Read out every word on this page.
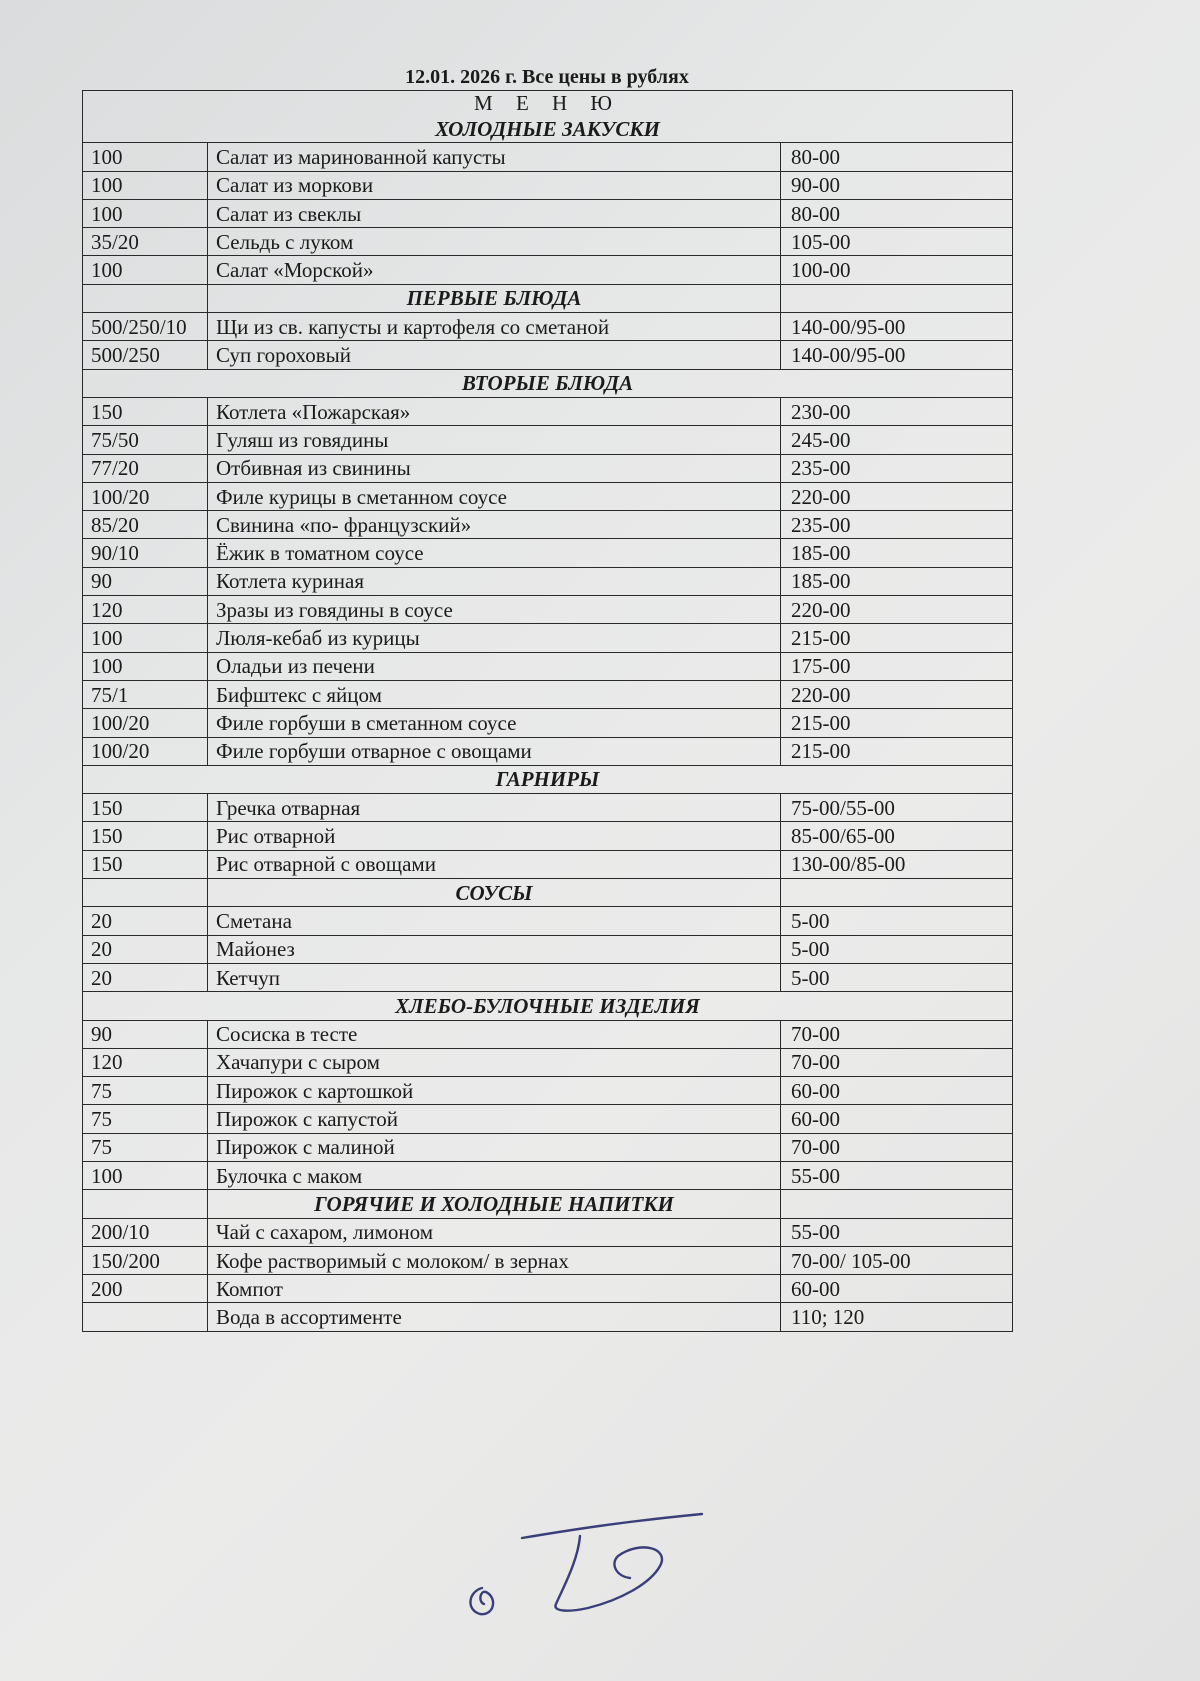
12.01. 2026 г. Все цены в рублях
М Е Н Ю		
ХОЛОДНЫЕ ЗАКУСКИ		
100	Салат из маринованной капусты	80-00
100	Салат из моркови	90-00
100	Салат из свеклы	80-00
35/20	Сельдь с луком	105-00
100	Салат «Морской»	100-00
	ПЕРВЫЕ БЛЮДА	
500/250/10	Щи из св. капусты и картофеля со сметаной	140-00/95-00
500/250	Суп гороховый	140-00/95-00
ВТОРЫЕ БЛЮДА		
150	Котлета «Пожарская»	230-00
75/50	Гуляш из говядины	245-00
77/20	Отбивная из свинины	235-00
100/20	Филе курицы в сметанном соусе	220-00
85/20	Свинина «по- французский»	235-00
90/10	Ёжик в томатном соусе	185-00
90	Котлета куриная	185-00
120	Зразы из говядины в соусе	220-00
100	Люля-кебаб из курицы	215-00
100	Оладьи из печени	175-00
75/1	Бифштекс с яйцом	220-00
100/20	Филе горбуши в сметанном соусе	215-00
100/20	Филе горбуши отварное с овощами	215-00
ГАРНИРЫ		
150	Гречка отварная	75-00/55-00
150	Рис отварной	85-00/65-00
150	Рис отварной с овощами	130-00/85-00
	СОУСЫ	
20	Сметана	5-00
20	Майонез	5-00
20	Кетчуп	5-00
ХЛЕБО-БУЛОЧНЫЕ ИЗДЕЛИЯ		
90	Сосиска в тесте	70-00
120	Хачапури с сыром	70-00
75	Пирожок с картошкой	60-00
75	Пирожок с капустой	60-00
75	Пирожок с малиной	70-00
100	Булочка с маком	55-00
	ГОРЯЧИЕ И ХОЛОДНЫЕ НАПИТКИ	
200/10	Чай с сахаром, лимоном	55-00
150/200	Кофе растворимый с молоком/ в зернах	70-00/ 105-00
200	Компот	60-00
	Вода в ассортименте	110; 120
